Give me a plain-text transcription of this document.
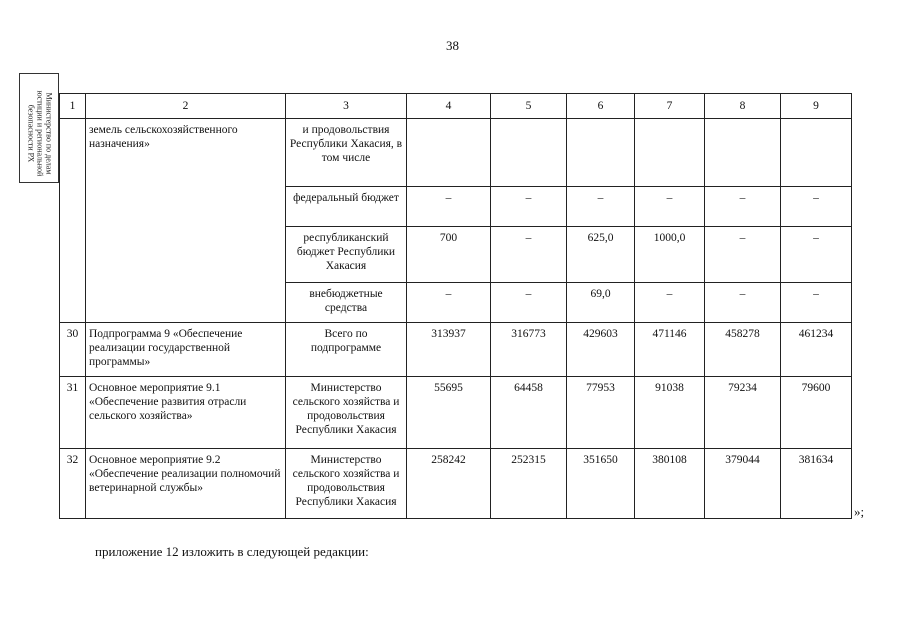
38
Министерство по делам юстиции и региональной безопасности РХ	1	2	3	4	5	6	7	8	9
	земель сельскохозяйственного назначения»	и продовольствия Республики Хакасия, в том числе						
		федеральный бюджет	–	–	–	–	–	–
		республиканский бюджет Республики Хакасия	700	–	625,0	1000,0	–	–
		внебюджетные средства	–	–	69,0	–	–	–
30	Подпрограмма 9 «Обеспечение реализации государственной программы»	Всего по подпрограмме	313937	316773	429603	471146	458278	461234
31	Основное мероприятие 9.1 «Обеспечение развития отрасли сельского хозяйства»	Министерство сельского хозяйства и продовольствия Республики Хакасия	55695	64458	77953	91038	79234	79600
32	Основное мероприятие 9.2 «Обеспечение реализации полномочий ветеринарной службы»	Министерство сельского хозяйства и продовольствия Республики Хакасия	258242	252315	351650	380108	379044	381634
»;
приложение 12 изложить в следующей редакции:
